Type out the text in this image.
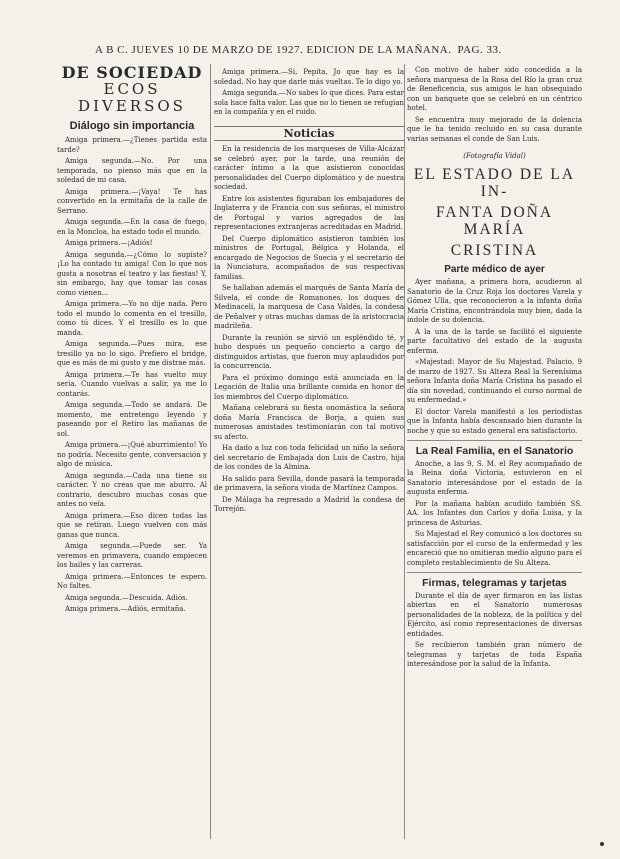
A B C. JUEVES 10 DE MARZO DE 1927. EDICION DE LA MAÑANA. PAG. 33.
DE SOCIEDAD
ECOS DIVERSOS
Diálogo sin importancia

Amiga primera.—¿Tienes partida esta tarde?

Amiga segunda.—No. Por una temporada, no pienso más que en la soledad de mi casa.

Amiga primera.—¡Vaya! Te has convertido en la ermitaña de la calle de Serrano.

Amiga segunda.—En la casa de fuego, en la Moncloa, ha estado todo el mundo.

Amiga primera.—¡Adiós!

Amiga segunda.—¿Cómo lo supiste? ¡Lo ha contado tu amiga! Con lo que nos gusta a nosotras el teatro y las fiestas! Y, sin embargo, hay que tomar las cosas como vienen...

Amiga primera.—Yo no dije nada. Pero todo el mundo lo comenta en el tresillo, como tú dices. Y el tresillo es lo que manda.

Amiga segunda.—Pues mira, ese tresillo ya no lo sigo. Prefiero el bridge, que es más de mi gusto y me distrae más.

Amiga primera.—Te has vuelto muy seria. Cuando vuelvas a salir, ya me lo contarás.

Amiga segunda.—Todo se andará. De momento, me entretengo leyendo y paseando por el Retiro las mañanas de sol.

Amiga primera.—¡Qué aburrimiento! Yo no podría. Necesito gente, conversación y algo de música.

Amiga segunda.—Cada una tiene su carácter. Y no creas que me aburro. Al contrario, descubro muchas cosas que antes no veía.

Amiga primera.—Eso dicen todas las que se retiran. Luego vuelven con más ganas que nunca.

Amiga segunda.—Puede ser. Ya veremos en primavera, cuando empiecen los bailes y las carreras.

Amiga primera.—Entonces te espero. No faltes.

Amiga segunda.—Descuida. Adiós.

Amiga primera.—Adiós, ermitaña.

Amiga primera.—Si, Pepita, Jo que hay es la soledad. No hay que darle más vueltas. Te lo digo yo.

Amiga segunda.—No sabes lo que dices. Para estar sola hace falta valor. Las que no lo tienen se refugian en la compañía y en el ruido.

Noticias

En la residencia de los marqueses de Villa-Alcázar se celebró ayer, por la tarde, una reunión de carácter íntimo a la que asistieron conocidas personalidades del Cuerpo diplomático y de nuestra sociedad.

Entre los asistentes figuraban los embajadores de Inglaterra y de Francia con sus señoras, el ministro de Portugal y varios agregados de las representaciones extranjeras acreditadas en Madrid.

Del Cuerpo diplomático asistieron también los ministros de Portugal, Bélgica y Holanda, el encargado de Negocios de Suecia y el secretario de la Nunciatura, acompañados de sus respectivas familias.

Se hallaban además el marqués de Santa María de Silvela, el conde de Romanones, los duques de Medinaceli, la marquesa de Casa Valdés, la condesa de Peñalver y otras muchas damas de la aristocracia madrileña.

Durante la reunión se sirvió un espléndido té, y hubo después un pequeño concierto a cargo de distinguidos artistas, que fueron muy aplaudidos por la concurrencia.

Para el próximo domingo está anunciada en la Legación de Italia una brillante comida en honor de los miembros del Cuerpo diplomático.

Mañana celebrará su fiesta onomástica la señora doña María Francisca de Borja, a quien sus numerosas amistades testimoniarán con tal motivo su afecto.

Ha dado a luz con toda felicidad un niño la señora del secretario de Embajada don Luis de Castro, hija de los condes de la Almina.

Ha salido para Sevilla, donde pasará la temporada de primavera, la señora viuda de Martínez Campos.

De Málaga ha regresado a Madrid la condesa de Torrejón.

Con motivo de haber sido concedida a la señora marquesa de la Rosa del Río la gran cruz de Beneficencia, sus amigos le han obsequiado con un banquete que se celebró en un céntrico hotel.

Se encuentra muy mejorado de la dolencia que le ha tenido recluido en su casa durante varias semanas el conde de San Luis.

(Fotografía Vidal)
EL ESTADO DE LA IN-
FANTA DOÑA MARÍA
CRISTINA
Parte médico de ayer

Ayer mañana, a primera hora, acudieron al Sanatorio de la Cruz Roja los doctores Varela y Gómez Ulla, que reconocieron a la infanta doña María Cristina, encontrándola muy bien, dada la índole de su dolencia.

A la una de la tarde se facilitó el siguiente parte facultativo del estado de la augusta enferma.

«Majestad: Mayor de Su Majestad. Palacio, 9 de marzo de 1927. Su Alteza Real la Serenísima señora Infanta doña María Cristina ha pasado el día sin novedad, continuando el curso normal de su enfermedad.»

El doctor Varela manifestó a los periodistas que la Infanta había descansado bien durante la noche y que su estado general era satisfactorio.

La Real Familia, en el Sanatorio

Anoche, a las 9, S. M. el Rey acompañado de la Reina doña Victoria, estuvieron en el Sanatorio interesándose por el estado de la augusta enferma.

Por la mañana habían acudido también SS. AA. los Infantes don Carlos y doña Luisa, y la princesa de Asturias.

Su Majestad el Rey comunicó a los doctores su satisfacción por el curso de la enfermedad y les encareció que no omitieran medio alguno para el completo restablecimiento de Su Alteza.

Firmas, telegramas y tarjetas

Durante el día de ayer firmaron en las listas abiertas en el Sanatorio numerosas personalidades de la nobleza, de la política y del Ejército, así como representaciones de diversas entidades.

Se recibieron también gran número de telegramas y tarjetas de toda España interesándose por la salud de la Infanta.
